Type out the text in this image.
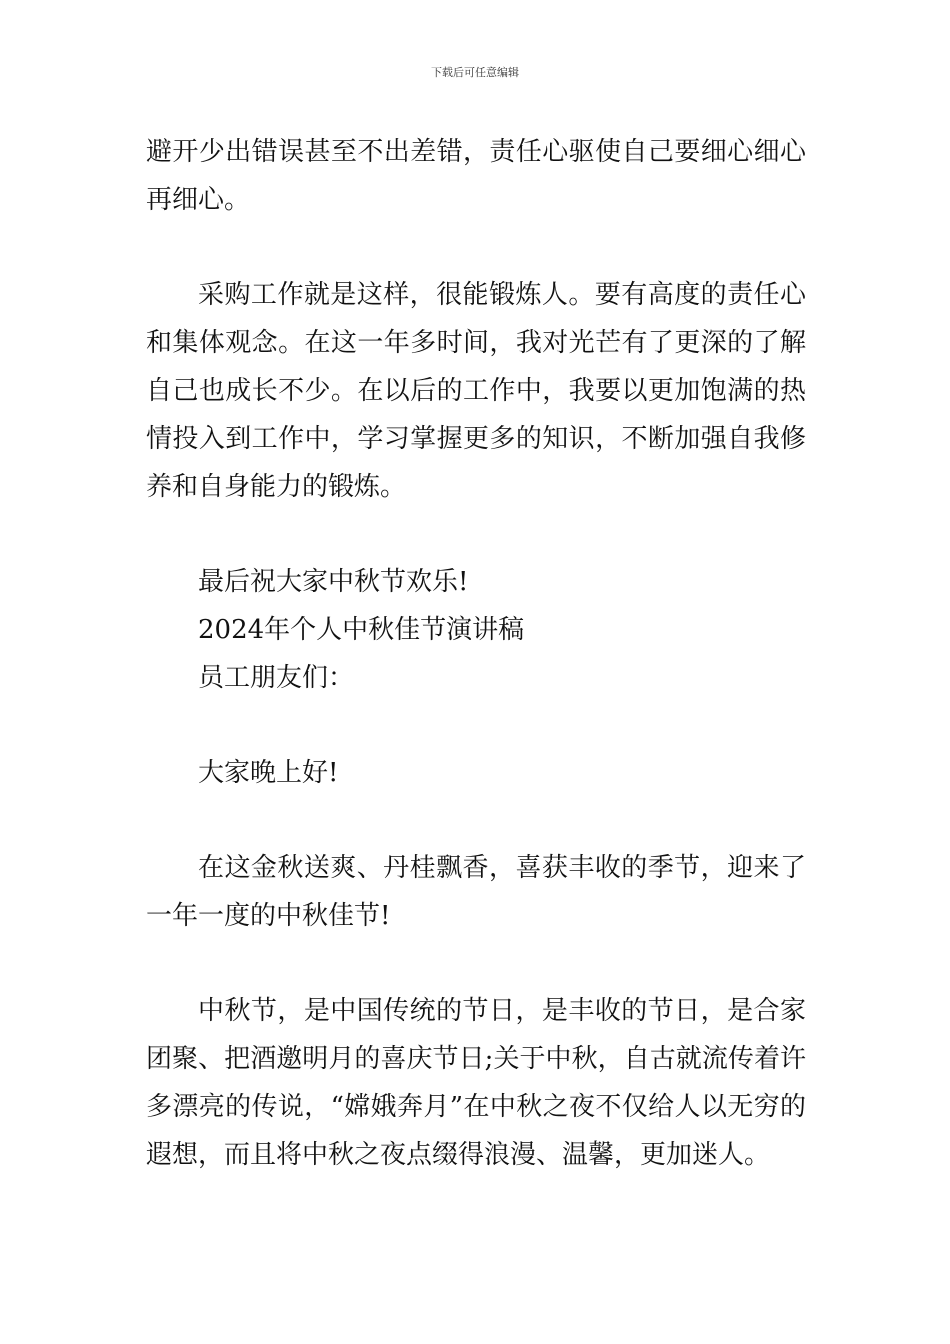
下载后可任意编辑

避开少出错误甚至不出差错，责任心驱使自己要细心细心再细心。

采购工作就是这样，很能锻炼人。要有高度的责任心和集体观念。在这一年多时间，我对光芒有了更深的了解自己也成长不少。在以后的工作中，我要以更加饱满的热情投入到工作中，学习掌握更多的知识，不断加强自我修养和自身能力的锻炼。

最后祝大家中秋节欢乐!

2024年个人中秋佳节演讲稿

员工朋友们：

大家晚上好!

在这金秋送爽、丹桂飘香，喜获丰收的季节，迎来了一年一度的中秋佳节!

中秋节，是中国传统的节日，是丰收的节日，是合家团聚、把酒邀明月的喜庆节日;关于中秋，自古就流传着许多漂亮的传说，“嫦娥奔月”在中秋之夜不仅给人以无穷的遐想，而且将中秋之夜点缀得浪漫、温馨，更加迷人。
